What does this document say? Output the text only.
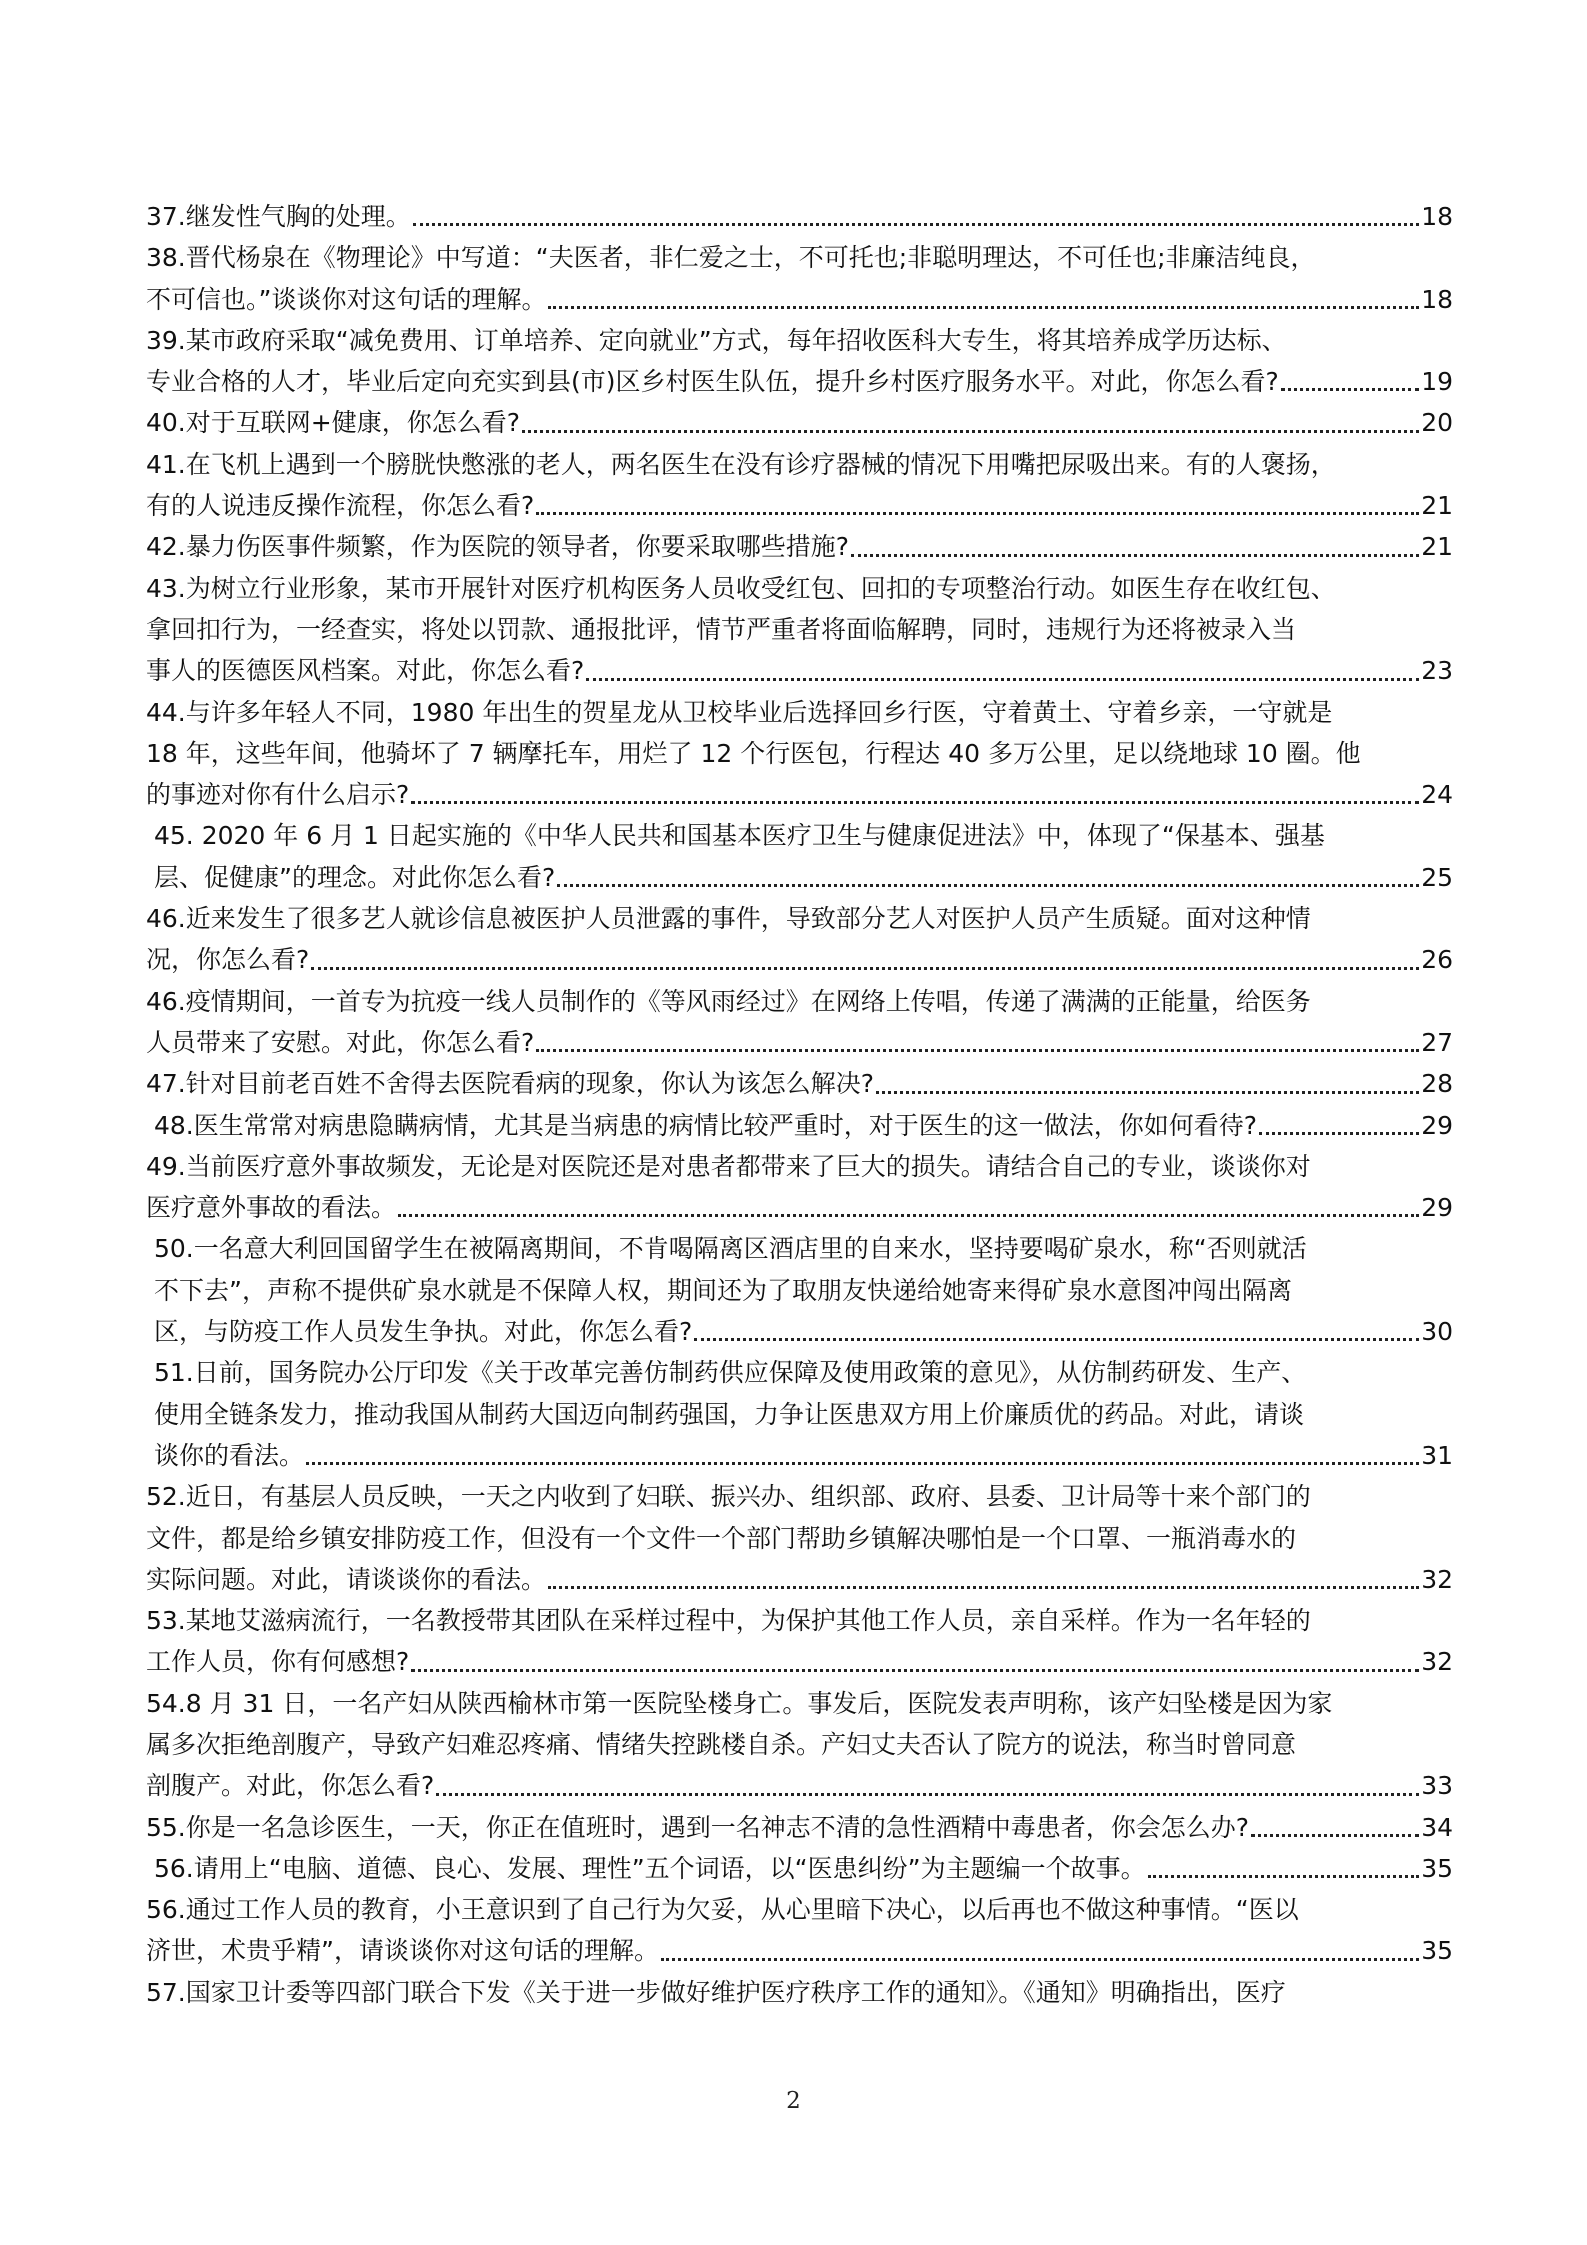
37.继发性气胸的处理。	18
38.晋代杨泉在《物理论》中写道：“夫医者，非仁爱之士，不可托也;非聪明理达，不可任也;非廉洁纯良，
不可信也。”谈谈你对这句话的理解。	18
39.某市政府采取“减免费用、订单培养、定向就业”方式，每年招收医科大专生，将其培养成学历达标、
专业合格的人才，毕业后定向充实到县(市)区乡村医生队伍，提升乡村医疗服务水平。对此，你怎么看?	19
40.对于互联网+健康，你怎么看?	20
41.在飞机上遇到一个膀胱快憋涨的老人，两名医生在没有诊疗器械的情况下用嘴把尿吸出来。有的人褒扬，
有的人说违反操作流程，你怎么看?	21
42.暴力伤医事件频繁，作为医院的领导者，你要采取哪些措施?	21
43.为树立行业形象，某市开展针对医疗机构医务人员收受红包、回扣的专项整治行动。如医生存在收红包、
拿回扣行为，一经查实，将处以罚款、通报批评，情节严重者将面临解聘，同时，违规行为还将被录入当
事人的医德医风档案。对此，你怎么看?	23
44.与许多年轻人不同，1980 年出生的贺星龙从卫校毕业后选择回乡行医，守着黄土、守着乡亲，一守就是
18 年，这些年间，他骑坏了 7 辆摩托车，用烂了 12 个行医包，行程达 40 多万公里，足以绕地球 10 圈。他
的事迹对你有什么启示?	24
45. 2020 年 6 月 1 日起实施的《中华人民共和国基本医疗卫生与健康促进法》中，体现了“保基本、强基
层、促健康”的理念。对此你怎么看?	25
46.近来发生了很多艺人就诊信息被医护人员泄露的事件，导致部分艺人对医护人员产生质疑。面对这种情
况，你怎么看?	26
46.疫情期间，一首专为抗疫一线人员制作的《等风雨经过》在网络上传唱，传递了满满的正能量，给医务
人员带来了安慰。对此，你怎么看?	27
47.针对目前老百姓不舍得去医院看病的现象，你认为该怎么解决?	28
48.医生常常对病患隐瞒病情，尤其是当病患的病情比较严重时，对于医生的这一做法，你如何看待?	29
49.当前医疗意外事故频发，无论是对医院还是对患者都带来了巨大的损失。请结合自己的专业，谈谈你对
医疗意外事故的看法。	29
50.一名意大利回国留学生在被隔离期间，不肯喝隔离区酒店里的自来水，坚持要喝矿泉水，称“否则就活
不下去”，声称不提供矿泉水就是不保障人权，期间还为了取朋友快递给她寄来得矿泉水意图冲闯出隔离
区，与防疫工作人员发生争执。对此，你怎么看?	30
51.日前，国务院办公厅印发《关于改革完善仿制药供应保障及使用政策的意见》，从仿制药研发、生产、
使用全链条发力，推动我国从制药大国迈向制药强国，力争让医患双方用上价廉质优的药品。对此，请谈
谈你的看法。	31
52.近日，有基层人员反映，一天之内收到了妇联、振兴办、组织部、政府、县委、卫计局等十来个部门的
文件，都是给乡镇安排防疫工作，但没有一个文件一个部门帮助乡镇解决哪怕是一个口罩、一瓶消毒水的
实际问题。对此，请谈谈你的看法。	32
53.某地艾滋病流行，一名教授带其团队在采样过程中，为保护其他工作人员，亲自采样。作为一名年轻的
工作人员，你有何感想?	32
54.8 月 31 日，一名产妇从陕西榆林市第一医院坠楼身亡。事发后，医院发表声明称，该产妇坠楼是因为家
属多次拒绝剖腹产，导致产妇难忍疼痛、情绪失控跳楼自杀。产妇丈夫否认了院方的说法，称当时曾同意
剖腹产。对此，你怎么看?	33
55.你是一名急诊医生，一天，你正在值班时，遇到一名神志不清的急性酒精中毒患者，你会怎么办?	34
56.请用上“电脑、道德、良心、发展、理性”五个词语，以“医患纠纷”为主题编一个故事。	35
56.通过工作人员的教育，小王意识到了自己行为欠妥，从心里暗下决心，以后再也不做这种事情。“医以
济世，术贵乎精”，请谈谈你对这句话的理解。	35
57.国家卫计委等四部门联合下发《关于进一步做好维护医疗秩序工作的通知》。《通知》明确指出，医疗
2
